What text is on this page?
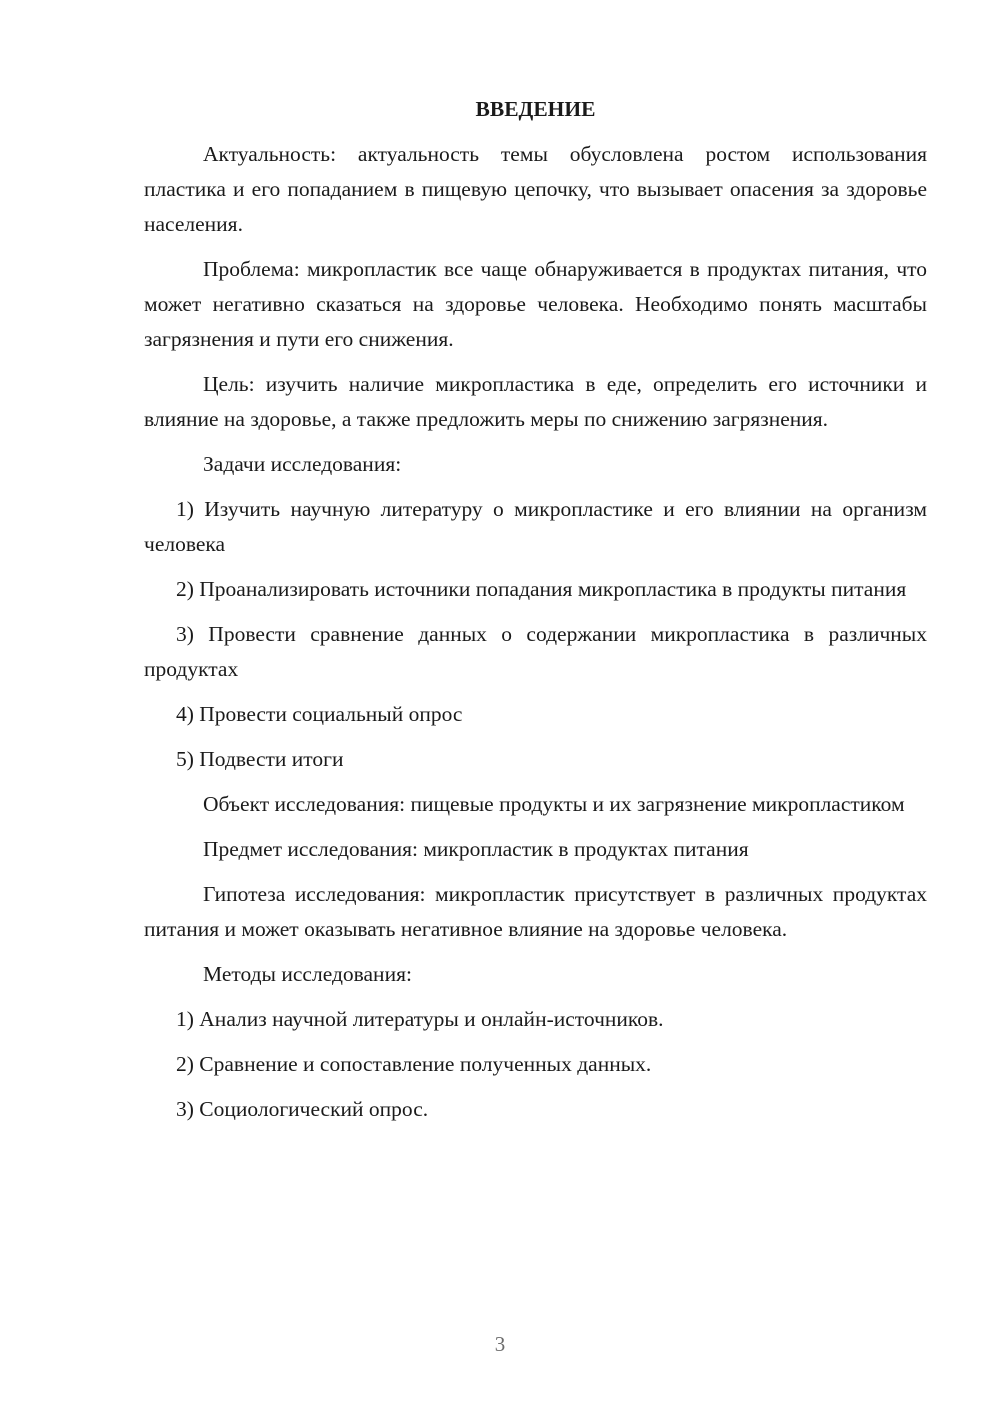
ВВЕДЕНИЕ

Актуальность: актуальность темы обусловлена ростом использования пластика и его попаданием в пищевую цепочку, что вызывает опасения за здоровье населения.

Проблема: микропластик все чаще обнаруживается в продуктах питания, что может негативно сказаться на здоровье человека. Необходимо понять масштабы загрязнения и пути его снижения.

Цель: изучить наличие микропластика в еде, определить его источники и влияние на здоровье, а также предложить меры по снижению загрязнения.

Задачи исследования:

1) Изучить научную литературу о микропластике и его влиянии на организм человека

2) Проанализировать источники попадания микропластика в продукты питания

3) Провести сравнение данных о содержании микропластика в различных продуктах

4) Провести социальный опрос

5) Подвести итоги

Объект исследования: пищевые продукты и их загрязнение микропластиком

Предмет исследования: микропластик в продуктах питания

Гипотеза исследования: микропластик присутствует в различных продуктах питания и может оказывать негативное влияние на здоровье человека.

Методы исследования:

1) Анализ научной литературы и онлайн-источников.

2) Сравнение и сопоставление полученных данных.

3) Социологический опрос.

3
